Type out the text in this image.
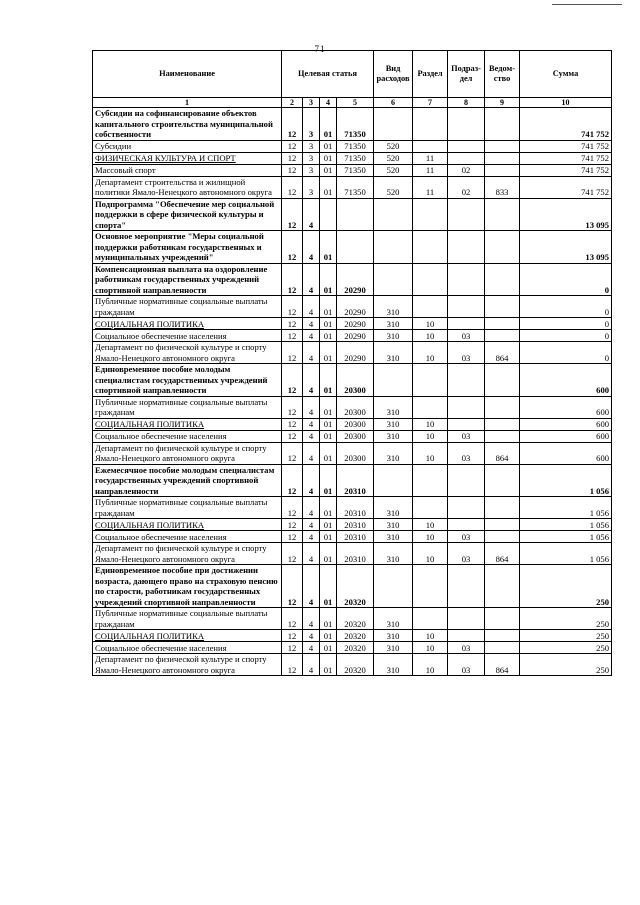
71
Наименование	Целевая статья				Вид расходов	Раздел	Подраз-дел	Ведом-ство	Сумма
1	2	3	4	5	6	7	8	9	10
Субсидии на софинансирование объектов капитального строительства муниципальной собственности	12	3	01	71350					741 752
Субсидии	12	3	01	71350	520				741 752
ФИЗИЧЕСКАЯ КУЛЬТУРА И СПОРТ	12	3	01	71350	520	11			741 752
Массовый спорт	12	3	01	71350	520	11	02		741 752
Департамент строительства и жилищной политики Ямало-Ненецкого автономного округа	12	3	01	71350	520	11	02	833	741 752
Подпрограмма "Обеспечение мер социальной поддержки в сфере физической культуры и спорта"	12	4							13 095
Основное мероприятие "Меры социальной поддержки работникам государственных и муниципальных учреждений"	12	4	01						13 095
Компенсационная выплата на оздоровление работникам государственных учреждений спортивной направленности	12	4	01	20290					0
Публичные нормативные социальные выплаты гражданам	12	4	01	20290	310				0
СОЦИАЛЬНАЯ ПОЛИТИКА	12	4	01	20290	310	10			0
Социальное обеспечение населения	12	4	01	20290	310	10	03		0
Департамент по физической культуре и спорту Ямало-Ненецкого автономного округа	12	4	01	20290	310	10	03	864	0
Единовременное пособие молодым специалистам государственных учреждений спортивной направленности	12	4	01	20300					600
Публичные нормативные социальные выплаты гражданам	12	4	01	20300	310				600
СОЦИАЛЬНАЯ ПОЛИТИКА	12	4	01	20300	310	10			600
Социальное обеспечение населения	12	4	01	20300	310	10	03		600
Департамент по физической культуре и спорту Ямало-Ненецкого автономного округа	12	4	01	20300	310	10	03	864	600
Ежемесячное пособие молодым специалистам государственных учреждений спортивной направленности	12	4	01	20310					1 056
Публичные нормативные социальные выплаты гражданам	12	4	01	20310	310				1 056
СОЦИАЛЬНАЯ ПОЛИТИКА	12	4	01	20310	310	10			1 056
Социальное обеспечение населения	12	4	01	20310	310	10	03		1 056
Департамент по физической культуре и спорту Ямало-Ненецкого автономного округа	12	4	01	20310	310	10	03	864	1 056
Единовременное пособие при достижении возраста, дающего право на страховую пенсию по старости, работникам государственных учреждений спортивной направленности	12	4	01	20320					250
Публичные нормативные социальные выплаты гражданам	12	4	01	20320	310				250
СОЦИАЛЬНАЯ ПОЛИТИКА	12	4	01	20320	310	10			250
Социальное обеспечение населения	12	4	01	20320	310	10	03		250
Департамент по физической культуре и спорту Ямало-Ненецкого автономного округа	12	4	01	20320	310	10	03	864	250
